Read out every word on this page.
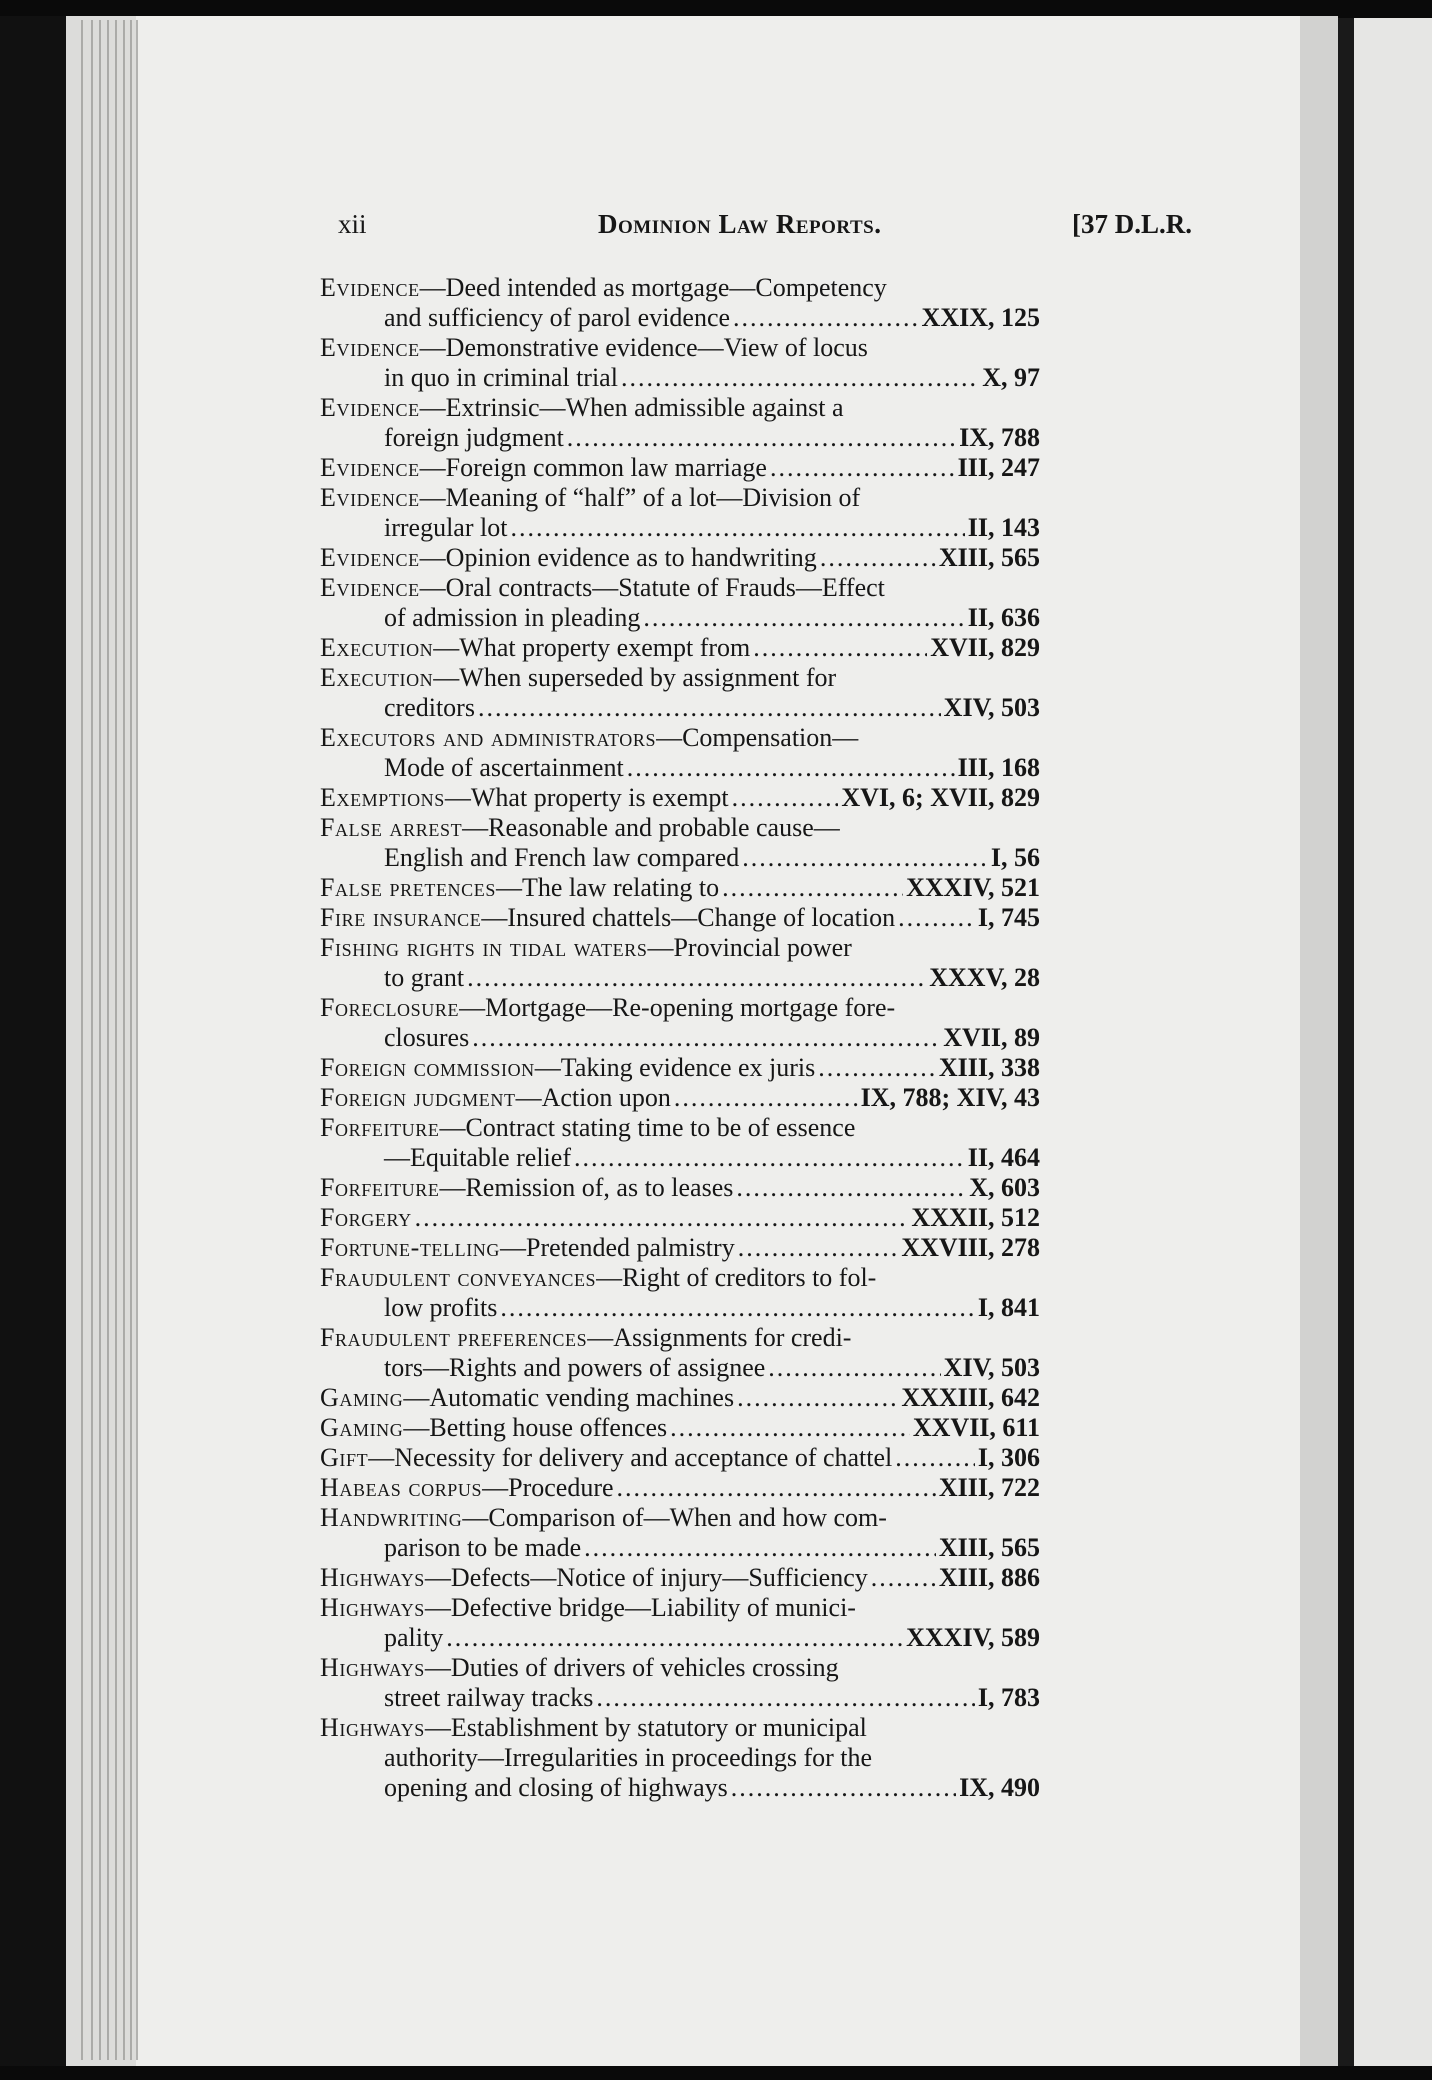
xii	Dominion Law Reports.	[37 D.L.R.
Evidence—Deed intended as mortgage—Competency
and sufficiency of parol evidence .....	XXIX, 125
Evidence—Demonstrative evidence—View of locus
in quo in criminal trial .....	X, 97
Evidence—Extrinsic—When admissible against a
foreign judgment .....	IX, 788
Evidence—Foreign common law marriage .....	III, 247
Evidence—Meaning of “half” of a lot—Division of
irregular lot .....	II, 143
Evidence—Opinion evidence as to handwriting .....	XIII, 565
Evidence—Oral contracts—Statute of Frauds—Effect
of admission in pleading .....	II, 636
Execution—What property exempt from .....	XVII, 829
Execution—When superseded by assignment for
creditors .....	XIV, 503
Executors and administrators—Compensation—
Mode of ascertainment .....	III, 168
Exemptions—What property is exempt .....	XVI, 6; XVII, 829
False arrest—Reasonable and probable cause—
English and French law compared .....	I, 56
False pretences—The law relating to .....	XXXIV, 521
Fire insurance—Insured chattels—Change of location .....	I, 745
Fishing rights in tidal waters—Provincial power
to grant .....	XXXV, 28
Foreclosure—Mortgage—Re-opening mortgage fore-
closures .....	XVII, 89
Foreign commission—Taking evidence ex juris .....	XIII, 338
Foreign judgment—Action upon .....	IX, 788; XIV, 43
Forfeiture—Contract stating time to be of essence
—Equitable relief .....	II, 464
Forfeiture—Remission of, as to leases .....	X, 603
Forgery .....	XXXII, 512
Fortune-telling—Pretended palmistry .....	XXVIII, 278
Fraudulent conveyances—Right of creditors to fol-
low profits .....	I, 841
Fraudulent preferences—Assignments for credi-
tors—Rights and powers of assignee .....	XIV, 503
Gaming—Automatic vending machines .....	XXXIII, 642
Gaming—Betting house offences .....	XXVII, 611
Gift—Necessity for delivery and acceptance of chattel .....	I, 306
Habeas corpus—Procedure .....	XIII, 722
Handwriting—Comparison of—When and how com-
parison to be made .....	XIII, 565
Highways—Defects—Notice of injury—Sufficiency .....	XIII, 886
Highways—Defective bridge—Liability of munici-
pality .....	XXXIV, 589
Highways—Duties of drivers of vehicles crossing
street railway tracks .....	I, 783
Highways—Establishment by statutory or municipal
authority—Irregularities in proceedings for the
opening and closing of highways .....	IX, 490
